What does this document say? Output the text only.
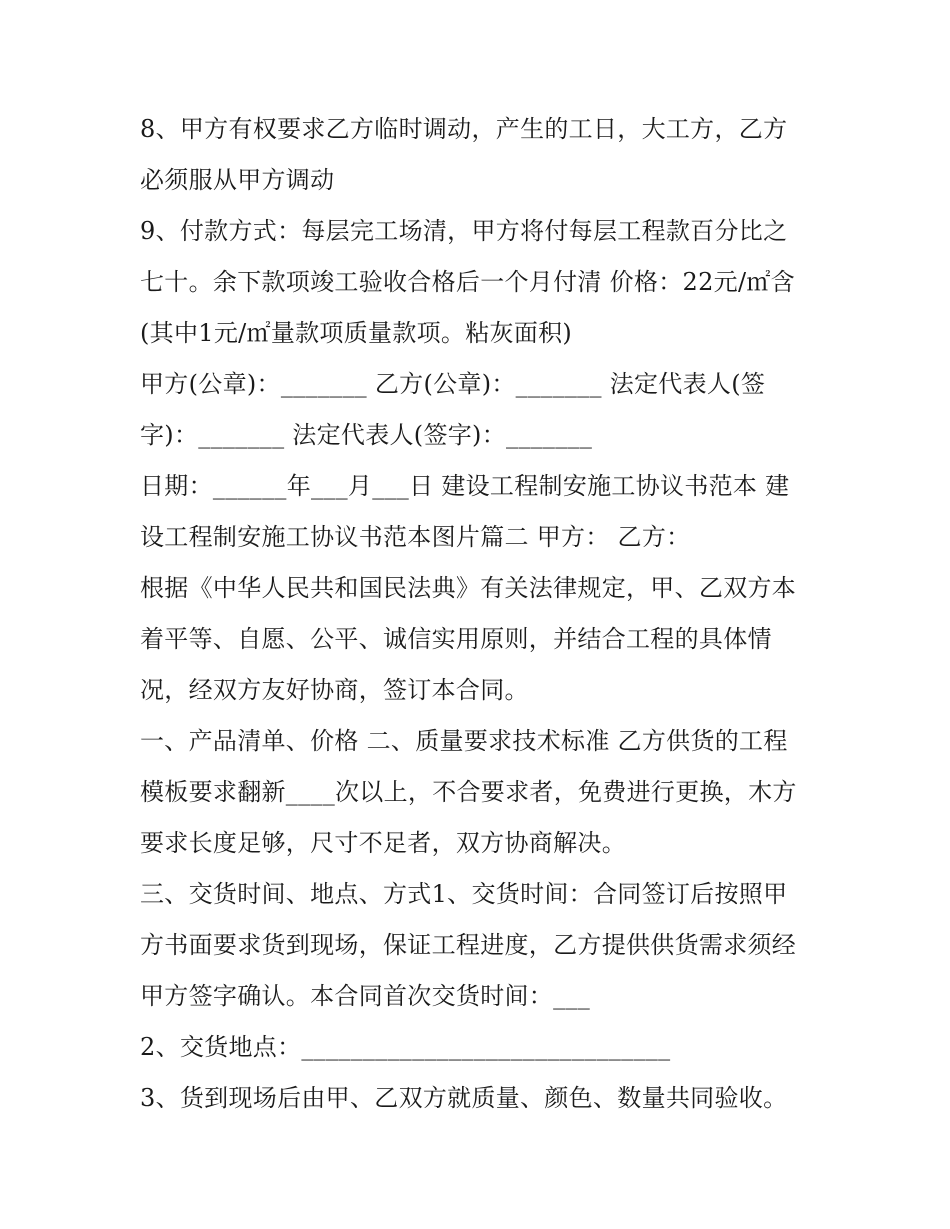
8、甲方有权要求乙方临时调动，产生的工日，大工方，乙方
必须服从甲方调动
9、付款方式：每层完工场清，甲方将付每层工程款百分比之
七十。余下款项竣工验收合格后一个月付清 价格：22元/㎡含
(其中1元/㎡量款项质量款项。粘灰面积)
甲方(公章)：_______ 乙方(公章)：_______ 法定代表人(签
字)：_______ 法定代表人(签字)：_______
日期：______年___月___日 建设工程制安施工协议书范本 建
设工程制安施工协议书范本图片篇二 甲方： 乙方：
根据《中华人民共和国民法典》有关法律规定，甲、乙双方本
着平等、自愿、公平、诚信实用原则，并结合工程的具体情
况，经双方友好协商，签订本合同。
一、产品清单、价格 二、质量要求技术标准 乙方供货的工程
模板要求翻新____次以上，不合要求者，免费进行更换，木方
要求长度足够，尺寸不足者，双方协商解决。
三、交货时间、地点、方式1、交货时间：合同签订后按照甲
方书面要求货到现场，保证工程进度，乙方提供供货需求须经
甲方签字确认。本合同首次交货时间：___
2、交货地点：______________________________
3、货到现场后由甲、乙双方就质量、颜色、数量共同验收。
